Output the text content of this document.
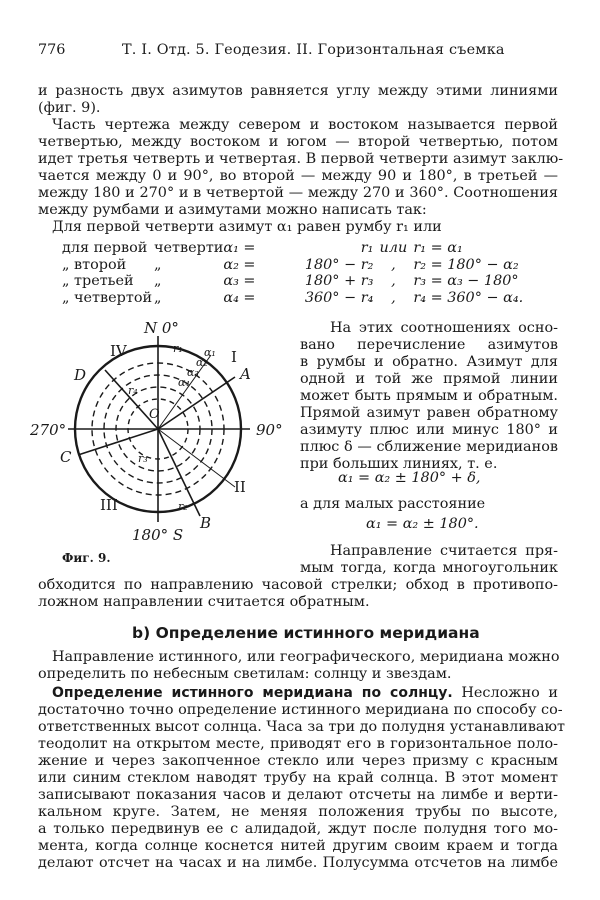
776	Т. I. Отд. 5. Геодезия. II. Горизонтальная съемка
и разность двух азимутов равняется углу между этими линиями
(фиг. 9).
Часть чертежа между севером и востоком называется первой
четвертью, между востоком и югом — второй четвертью, потом
идет третья четверть и четвертая. В первой четверти азимут заклю-
чается между 0 и 90°, во второй — между 90 и 180°, в третьей —
между 180 и 270° и в четвертой — между 270 и 360°. Соотношения
между румбами и азимутами можно написать так:
Для первой четверти азимут α₁ равен румбу r₁ или
для первой	четверти	α₁ =	r₁	или	r₁ = α₁
„ второй	„	α₂ =	180° − r₂	,	r₂ = 180° − α₂
„ третьей	„	α₃ =	180° + r₃	,	r₃ = α₃ − 180°
„ четвертой	„	α₄ =	360° − r₄	,	r₄ = 360° − α₄.
N 0°
180° S
270°	90°
IV	I
III
II
A
B
C
D
O
α₁
α₂
α₃
α₄
r₁
r₂
r₃
r₄
Фиг. 9.
На этих соотношениях осно-
вано перечисление азимутов
в румбы и обратно. Азимут для
одной и той же прямой линии
может быть прямым и обратным.
Прямой азимут равен обратному
азимуту плюс или минус 180° и
плюс δ — сближение меридианов
при больших линиях, т. е.
α₁ = α₂ ± 180° + δ,
а для малых расстояние
α₁ = α₂ ± 180°.
Направление считается пря-
мым тогда, когда многоугольник
обходится по направлению часовой стрелки; обход в противопо-
ложном направлении считается обратным.
b) Определение истинного меридиана
Направление истинного, или географического, меридиана можно
определить по небесным светилам: солнцу и звездам.
Определение истинного меридиана по солнцу. Несложно и
достаточно точно определение истинного меридиана по способу со-
ответственных высот солнца. Часа за три до полудня устанавливают
теодолит на открытом месте, приводят его в горизонтальное поло-
жение и через закопченное стекло или через призму с красным
или синим стеклом наводят трубу на край солнца. В этот момент
записывают показания часов и делают отсчеты на лимбе и верти-
кальном круге. Затем, не меняя положения трубы по высоте,
а только передвинув ее с алидадой, ждут после полудня того мо-
мента, когда солнце коснется нитей другим своим краем и тогда
делают отсчет на часах и на лимбе. Полусумма отсчетов на лимбе
